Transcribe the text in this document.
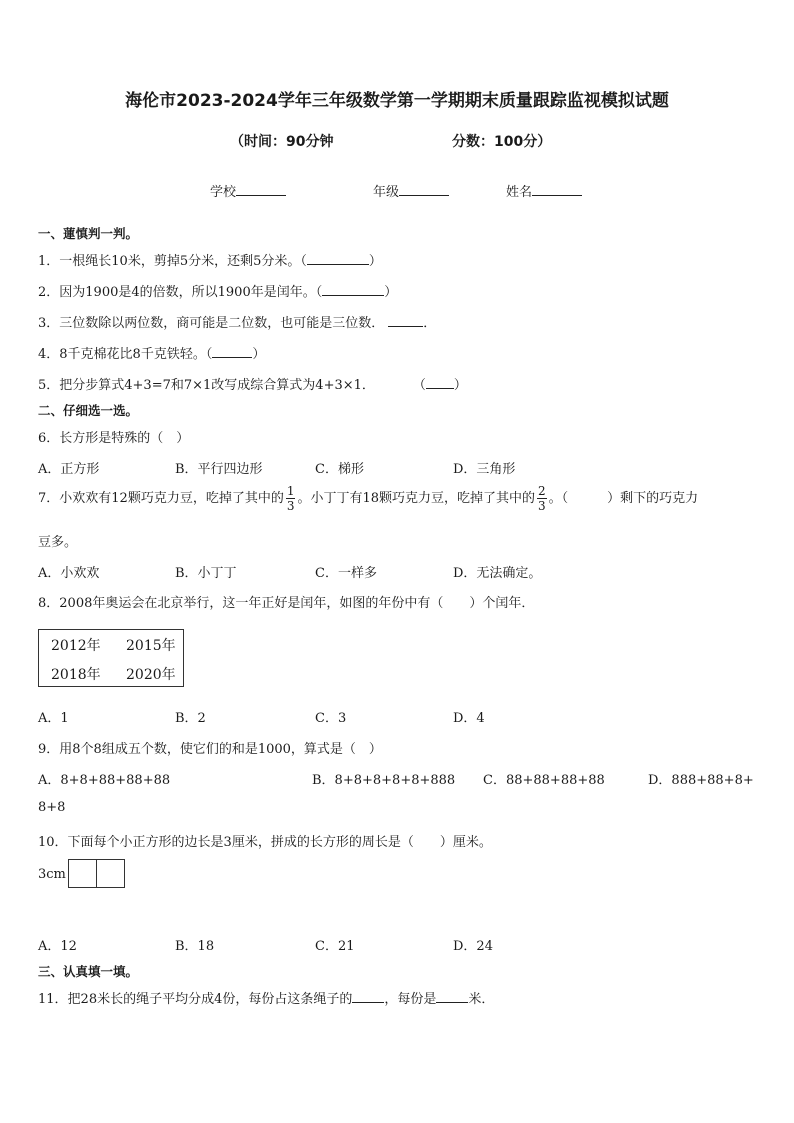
海伦市2023-2024学年三年级数学第一学期期末质量跟踪监视模拟试题
（时间：90分钟	分数：100分）
学校	年级	姓名
一、蓮慎判一判。
1．一根绳长10米，剪掉5分米，还剩5分米。（	）
2．因为1900是4的倍数，所以1900年是闰年。（	）
3．三位数除以两位数，商可能是二位数，也可能是三位数．	．
4．8千克棉花比8千克铁轻。（	）
5．把分步算式4+3=7和7×1改写成综合算式为4+3×1．	（ ）
二、仔细选一选。
6．长方形是特殊的（　）
A．正方形	B．平行四边形	C．梯形	D．三角形
7．小欢欢有12颗巧克力豆，吃掉了其中的 $\frac{1}{3}$ 。小丁丁有18颗巧克力豆，吃掉了其中的 $\frac{2}{3}$ 。（　　　）剩下的巧克力
豆多。
A．小欢欢	B．小丁丁	C．一样多	D．无法确定。
8．2008年奥运会在北京举行，这一年正好是闰年，如图的年份中有（　　）个闰年．
2012年 2015年
2018年 2020年
A．1	B．2	C．3	D．4
9．用8个8组成五个数，使它们的和是1000，算式是（　）
A．8+8+88+88+88	B．8+8+8+8+8+888 C．88+88+88+88	D．888+88+8+
8+8
10．下面每个小正方形的边长是3厘米，拼成的长方形的周长是（　　）厘米。
3cm
A．12	B．18	C．21	D．24
三、认真填一填。
11．把28米长的绳子平均分成4份，每份占这条绳子的 ，每份是 米．
